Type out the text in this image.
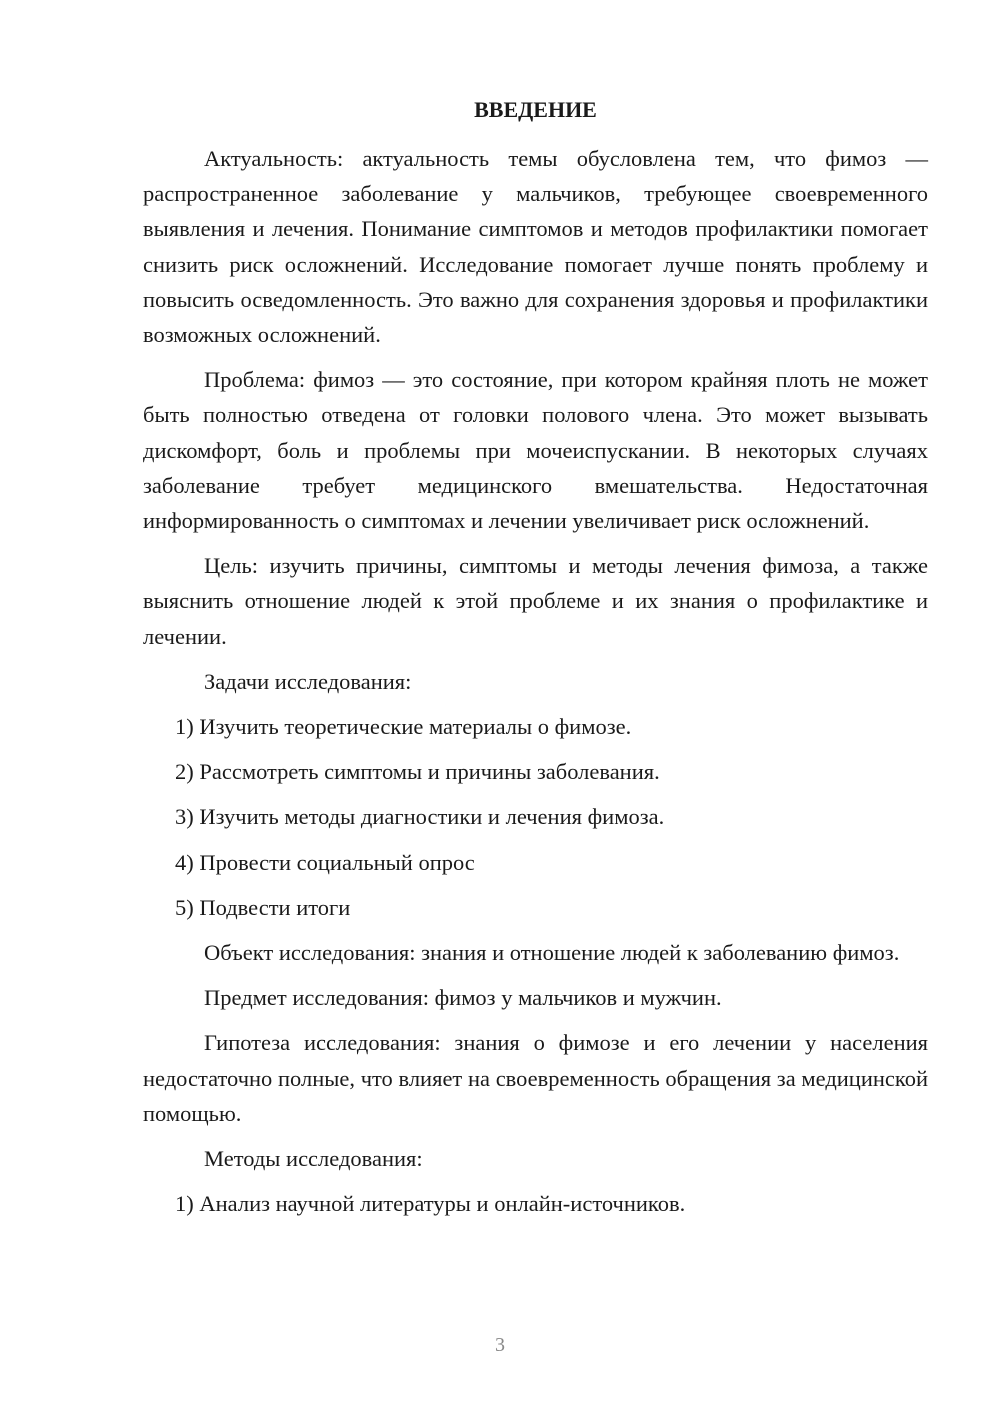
ВВЕДЕНИЕ

Актуальность: актуальность темы обусловлена тем, что фимоз — распространенное заболевание у мальчиков, требующее своевременного выявления и лечения. Понимание симптомов и методов профилактики помогает снизить риск осложнений. Исследование помогает лучше понять проблему и повысить осведомленность. Это важно для сохранения здоровья и профилактики возможных осложнений.

Проблема: фимоз — это состояние, при котором крайняя плоть не может быть полностью отведена от головки полового члена. Это может вызывать дискомфорт, боль и проблемы при мочеиспускании. В некоторых случаях заболевание требует медицинского вмешательства. Недостаточная информированность о симптомах и лечении увеличивает риск осложнений.

Цель: изучить причины, симптомы и методы лечения фимоза, а также выяснить отношение людей к этой проблеме и их знания о профилактике и лечении.

Задачи исследования:

1) Изучить теоретические материалы о фимозе.

2) Рассмотреть симптомы и причины заболевания.

3) Изучить методы диагностики и лечения фимоза.

4) Провести социальный опрос

5) Подвести итоги

Объект исследования: знания и отношение людей к заболеванию фимоз.

Предмет исследования: фимоз у мальчиков и мужчин.

Гипотеза исследования: знания о фимозе и его лечении у населения недостаточно полные, что влияет на своевременность обращения за медицинской помощью.

Методы исследования:

1) Анализ научной литературы и онлайн-источников.

3
